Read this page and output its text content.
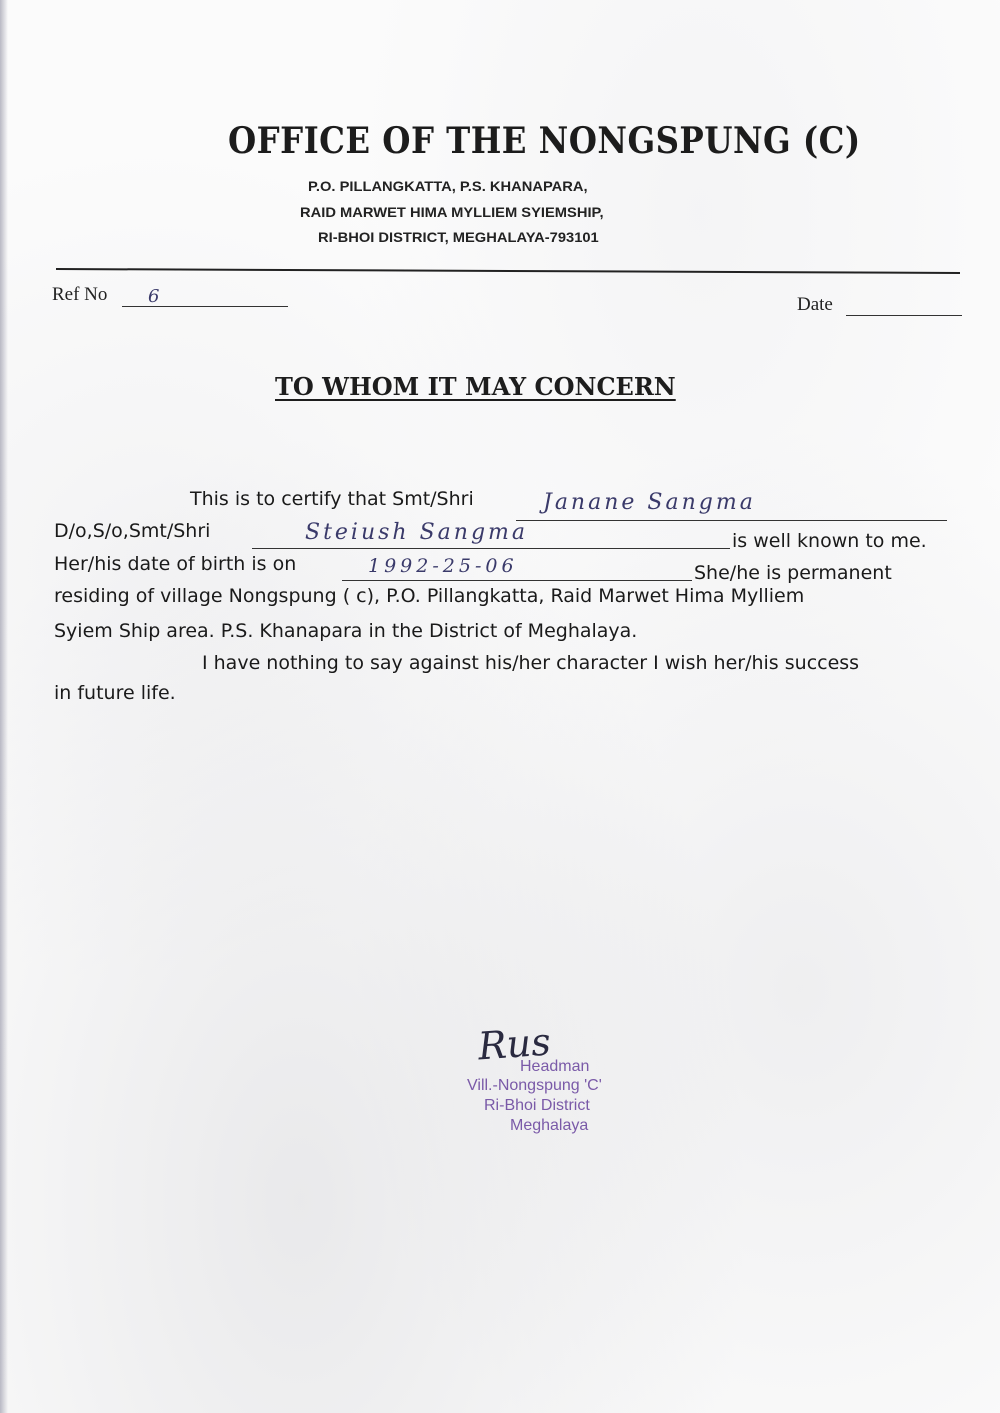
OFFICE OF THE NONGSPUNG (C)
P.O. PILLANGKATTA, P.S. KHANAPARA,
RAID MARWET HIMA MYLLIEM SYIEMSHIP,
RI-BHOI DISTRICT, MEGHALAYA-793101
Ref No 6	Date
TO WHOM IT MAY CONCERN
This is to certify that Smt/Shri	Janane Sangma
D/o,S/o,Smt/Shri	Steiush Sangma	is well known to me.
Her/his date of birth is on	1992-25-06	She/he is permanent
residing of village Nongspung ( c), P.O. Pillangkatta, Raid Marwet Hima Mylliem
Syiem Ship area. P.S. Khanapara in the District of Meghalaya.
I have nothing to say against his/her character I wish her/his success
in future life.
Headman
Vill.-Nongspung 'C'
Ri-Bhoi District
Meghalaya
Rus
